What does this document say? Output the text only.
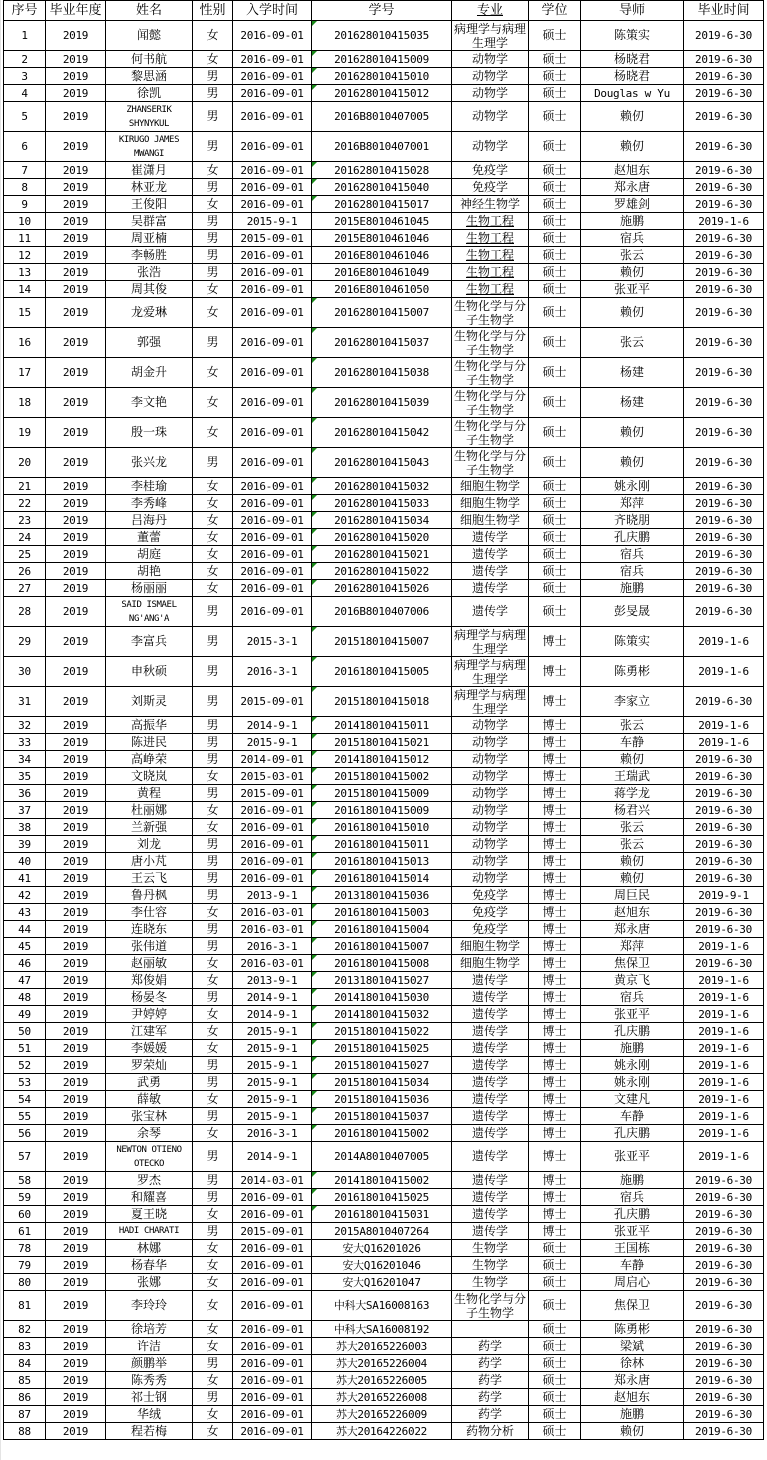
序号	毕业年度	姓名	性别	入学时间	学号	专业	学位	导师	毕业时间
1	2019	闻懿	女	2016-09-01	201628010415035	病理学与病理生理学	硕士	陈策实	2019-6-30
2	2019	何书航	女	2016-09-01	201628010415009	动物学	硕士	杨晓君	2019-6-30
3	2019	黎思涵	男	2016-09-01	201628010415010	动物学	硕士	杨晓君	2019-6-30
4	2019	徐凯	男	2016-09-01	201628010415012	动物学	硕士	Douglas w Yu	2019-6-30
5	2019	ZHANSERIK SHYNYKUL	男	2016-09-01	2016B8010407005	动物学	硕士	赖仞	2019-6-30
6	2019	KIRUGO JAMES MWANGI	男	2016-09-01	2016B8010407001	动物学	硕士	赖仞	2019-6-30
7	2019	崔潇月	女	2016-09-01	201628010415028	免疫学	硕士	赵旭东	2019-6-30
8	2019	林亚龙	男	2016-09-01	201628010415040	免疫学	硕士	郑永唐	2019-6-30
9	2019	王俊阳	女	2016-09-01	201628010415017	神经生物学	硕士	罗雄剑	2019-6-30
10	2019	吴群富	男	2015-9-1	2015E8010461045	生物工程	硕士	施鹏	2019-1-6
11	2019	周亚楠	男	2015-09-01	2015E8010461046	生物工程	硕士	宿兵	2019-6-30
12	2019	李畅胜	男	2016-09-01	2016E8010461046	生物工程	硕士	张云	2019-6-30
13	2019	张浩	男	2016-09-01	2016E8010461049	生物工程	硕士	赖仞	2019-6-30
14	2019	周其俊	女	2016-09-01	2016E8010461050	生物工程	硕士	张亚平	2019-6-30
15	2019	龙爱琳	女	2016-09-01	201628010415007	生物化学与分子生物学	硕士	赖仞	2019-6-30
16	2019	郭强	男	2016-09-01	201628010415037	生物化学与分子生物学	硕士	张云	2019-6-30
17	2019	胡金升	女	2016-09-01	201628010415038	生物化学与分子生物学	硕士	杨建	2019-6-30
18	2019	李文艳	女	2016-09-01	201628010415039	生物化学与分子生物学	硕士	杨建	2019-6-30
19	2019	殷一珠	女	2016-09-01	201628010415042	生物化学与分子生物学	硕士	赖仞	2019-6-30
20	2019	张兴龙	男	2016-09-01	201628010415043	生物化学与分子生物学	硕士	赖仞	2019-6-30
21	2019	李桂瑜	女	2016-09-01	201628010415032	细胞生物学	硕士	姚永刚	2019-6-30
22	2019	李秀峰	女	2016-09-01	201628010415033	细胞生物学	硕士	郑萍	2019-6-30
23	2019	吕海丹	女	2016-09-01	201628010415034	细胞生物学	硕士	齐晓朋	2019-6-30
24	2019	董蕾	女	2016-09-01	201628010415020	遗传学	硕士	孔庆鹏	2019-6-30
25	2019	胡庭	女	2016-09-01	201628010415021	遗传学	硕士	宿兵	2019-6-30
26	2019	胡艳	女	2016-09-01	201628010415022	遗传学	硕士	宿兵	2019-6-30
27	2019	杨丽丽	女	2016-09-01	201628010415026	遗传学	硕士	施鹏	2019-6-30
28	2019	SAID ISMAEL NG'ANG'A	男	2016-09-01	2016B8010407006	遗传学	硕士	彭旻晟	2019-6-30
29	2019	李富兵	男	2015-3-1	201518010415007	病理学与病理生理学	博士	陈策实	2019-1-6
30	2019	申秋硕	男	2016-3-1	201618010415005	病理学与病理生理学	博士	陈勇彬	2019-1-6
31	2019	刘斯灵	男	2015-09-01	201518010415018	病理学与病理生理学	博士	李家立	2019-6-30
32	2019	高振华	男	2014-9-1	201418010415011	动物学	博士	张云	2019-1-6
33	2019	陈进民	男	2015-9-1	201518010415021	动物学	博士	车静	2019-1-6
34	2019	高峥荣	男	2014-09-01	201418010415012	动物学	博士	赖仞	2019-6-30
35	2019	文晓岚	女	2015-03-01	201518010415002	动物学	博士	王瑞武	2019-6-30
36	2019	黄程	男	2015-09-01	201518010415009	动物学	博士	蒋学龙	2019-6-30
37	2019	杜丽娜	女	2016-09-01	201618010415009	动物学	博士	杨君兴	2019-6-30
38	2019	兰新强	女	2016-09-01	201618010415010	动物学	博士	张云	2019-6-30
39	2019	刘龙	男	2016-09-01	201618010415011	动物学	博士	张云	2019-6-30
40	2019	唐小芃	男	2016-09-01	201618010415013	动物学	博士	赖仞	2019-6-30
41	2019	王云飞	男	2016-09-01	201618010415014	动物学	博士	赖仞	2019-6-30
42	2019	鲁丹枫	男	2013-9-1	201318010415036	免疫学	博士	周巨民	2019-9-1
43	2019	李仕容	女	2016-03-01	201618010415003	免疫学	博士	赵旭东	2019-6-30
44	2019	连晓东	男	2016-03-01	201618010415004	免疫学	博士	郑永唐	2019-6-30
45	2019	张伟道	男	2016-3-1	201618010415007	细胞生物学	博士	郑萍	2019-1-6
46	2019	赵丽敏	女	2016-03-01	201618010415008	细胞生物学	博士	焦保卫	2019-6-30
47	2019	郑俊娟	女	2013-9-1	201318010415027	遗传学	博士	黄京飞	2019-1-6
48	2019	杨晏冬	男	2014-9-1	201418010415030	遗传学	博士	宿兵	2019-1-6
49	2019	尹婷婷	女	2014-9-1	201418010415032	遗传学	博士	张亚平	2019-1-6
50	2019	江建军	女	2015-9-1	201518010415022	遗传学	博士	孔庆鹏	2019-1-6
51	2019	李媛媛	女	2015-9-1	201518010415025	遗传学	博士	施鹏	2019-1-6
52	2019	罗荣灿	男	2015-9-1	201518010415027	遗传学	博士	姚永刚	2019-1-6
53	2019	武勇	男	2015-9-1	201518010415034	遗传学	博士	姚永刚	2019-1-6
54	2019	薛敏	女	2015-9-1	201518010415036	遗传学	博士	文建凡	2019-1-6
55	2019	张宝林	男	2015-9-1	201518010415037	遗传学	博士	车静	2019-1-6
56	2019	余琴	女	2016-3-1	201618010415002	遗传学	博士	孔庆鹏	2019-1-6
57	2019	NEWTON OTIENO OTECKO	男	2014-9-1	2014A8010407005	遗传学	博士	张亚平	2019-1-6
58	2019	罗杰	男	2014-03-01	201418010415002	遗传学	博士	施鹏	2019-6-30
59	2019	和耀喜	男	2016-09-01	201618010415025	遗传学	博士	宿兵	2019-6-30
60	2019	夏王晓	女	2016-09-01	201618010415031	遗传学	博士	孔庆鹏	2019-6-30
61	2019	HADI CHARATI	男	2015-09-01	2015A8010407264	遗传学	博士	张亚平	2019-6-30
78	2019	林娜	女	2016-09-01	安大Q16201026	生物学	硕士	王国栋	2019-6-30
79	2019	杨春华	女	2016-09-01	安大Q16201046	生物学	硕士	车静	2019-6-30
80	2019	张娜	女	2016-09-01	安大Q16201047	生物学	硕士	周启心	2019-6-30
81	2019	李玲玲	女	2016-09-01	中科大SA16008163	生物化学与分子生物学	硕士	焦保卫	2019-6-30
82	2019	徐培芳	女	2016-09-01	中科大SA16008192		硕士	陈勇彬	2019-6-30
83	2019	许洁	女	2016-09-01	苏大20165226003	药学	硕士	梁斌	2019-6-30
84	2019	颜鹏举	男	2016-09-01	苏大20165226004	药学	硕士	徐林	2019-6-30
85	2019	陈秀秀	女	2016-09-01	苏大20165226005	药学	硕士	郑永唐	2019-6-30
86	2019	祁士钢	男	2016-09-01	苏大20165226008	药学	硕士	赵旭东	2019-6-30
87	2019	华绒	女	2016-09-01	苏大20165226009	药学	硕士	施鹏	2019-6-30
88	2019	程若梅	女	2016-09-01	苏大20164226022	药物分析	硕士	赖仞	2019-6-30
